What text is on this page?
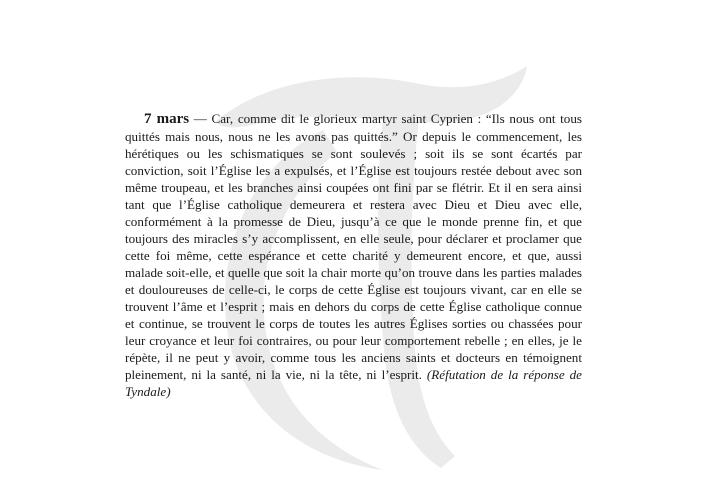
7 mars — Car, comme dit le glorieux martyr saint Cyprien : “Ils nous ont tous quittés mais nous, nous ne les avons pas quittés.” Or depuis le commencement, les hérétiques ou les schismatiques se sont soulevés ; soit ils se sont écartés par conviction, soit l’Église les a expulsés, et l’Église est toujours restée debout avec son même troupeau, et les branches ainsi coupées ont fini par se flétrir. Et il en sera ainsi tant que l’Église catholique demeurera et restera avec Dieu et Dieu avec elle, conformément à la promesse de Dieu, jusqu’à ce que le monde prenne fin, et que toujours des miracles s’y accomplissent, en elle seule, pour déclarer et proclamer que cette foi même, cette espérance et cette charité y demeurent encore, et que, aussi malade soit-elle, et quelle que soit la chair morte qu’on trouve dans les parties malades et douloureuses de celle-ci, le corps de cette Église est toujours vivant, car en elle se trouvent l’âme et l’esprit ; mais en dehors du corps de cette Église catholique connue et continue, se trouvent le corps de toutes les autres Églises sorties ou chassées pour leur croyance et leur foi contraires, ou pour leur comportement rebelle ; en elles, je le répète, il ne peut y avoir, comme tous les anciens saints et docteurs en témoignent pleinement, ni la santé, ni la vie, ni la tête, ni l’esprit. (Réfutation de la réponse de Tyndale)
